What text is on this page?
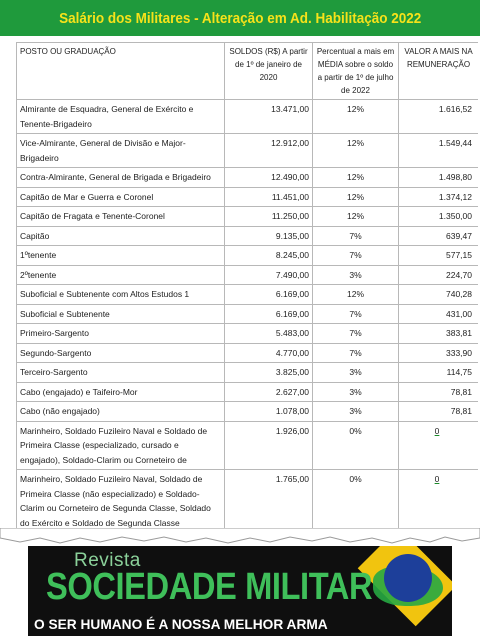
Salário dos Militares - Alteração em Ad. Habilitação 2022
POSTO OU GRADUAÇÃO	SOLDOS (R$) A partir de 1º de janeiro de 2020	Percentual a mais em MÉDIA sobre o soldo a partir de 1º de julho de 2022	VALOR A MAIS NA REMUNERAÇÃO
Almirante de Esquadra, General de Exército e Tenente-Brigadeiro	13.471,00	12%	1.616,52
Vice-Almirante, General de Divisão e Major-Brigadeiro	12.912,00	12%	1.549,44
Contra-Almirante, General de Brigada e Brigadeiro	12.490,00	12%	1.498,80
Capitão de Mar e Guerra e Coronel	11.451,00	12%	1.374,12
Capitão de Fragata e Tenente-Coronel	11.250,00	12%	1.350,00
Capitão	9.135,00	7%	639,47
1ºtenente	8.245,00	7%	577,15
2ºtenente	7.490,00	3%	224,70
Suboficial e Subtenente com Altos Estudos 1	6.169,00	12%	740,28
Suboficial e Subtenente	6.169,00	7%	431,00
Primeiro-Sargento	5.483,00	7%	383,81
Segundo-Sargento	4.770,00	7%	333,90
Terceiro-Sargento	3.825,00	3%	114,75
Cabo (engajado) e Taifeiro-Mor	2.627,00	3%	78,81
Cabo (não engajado)	1.078,00	3%	78,81
Marinheiro, Soldado Fuzileiro Naval e Soldado de Primeira Classe (especializado, cursado e engajado), Soldado-Clarim ou Corneteiro de	1.926,00	0%	0
Marinheiro, Soldado Fuzileiro Naval, Soldado de Primeira Classe (não especializado) e Soldado-Clarim ou Corneteiro de Segunda Classe, Soldado do Exército e Soldado de Segunda Classe	1.765,00	0%	0

Revista
SOCIEDADE MILITAR
O SER HUMANO É A NOSSA MELHOR ARMA
